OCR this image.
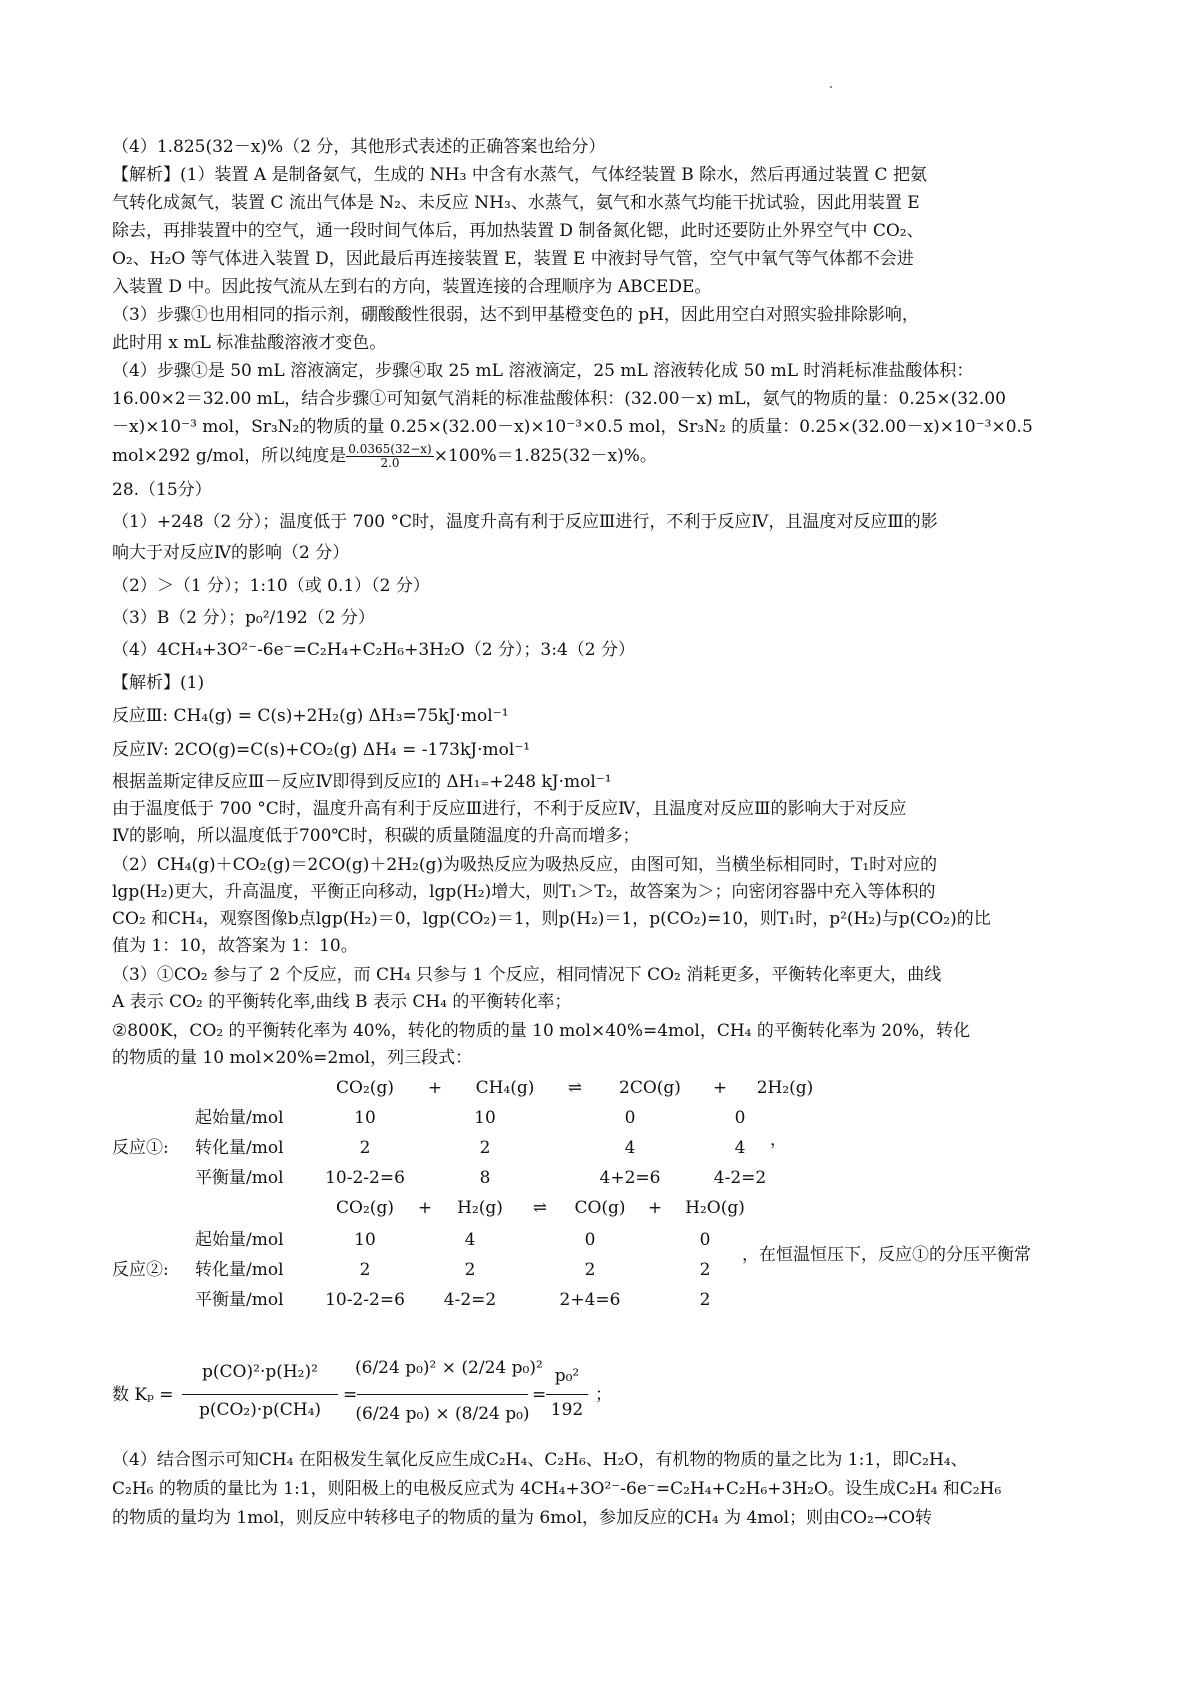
（4）1.825(32－x)%（2 分，其他形式表述的正确答案也给分）
【解析】(1）装置 A 是制备氨气，生成的 NH₃ 中含有水蒸气，气体经装置 B 除水，然后再通过装置 C 把氨
气转化成氮气，装置 C 流出气体是 N₂、未反应 NH₃、水蒸气，氨气和水蒸气均能干扰试验，因此用装置 E
除去，再排装置中的空气，通一段时间气体后，再加热装置 D 制备氮化锶，此时还要防止外界空气中 CO₂、
O₂、H₂O 等气体进入装置 D，因此最后再连接装置 E，装置 E 中液封导气管，空气中氧气等气体都不会进
入装置 D 中。因此按气流从左到右的方向，装置连接的合理顺序为 ABCEDE。
（3）步骤①也用相同的指示剂，硼酸酸性很弱，达不到甲基橙变色的 pH，因此用空白对照实验排除影响，
此时用 x mL 标准盐酸溶液才变色。
（4）步骤①是 50 mL 溶液滴定，步骤④取 25 mL 溶液滴定，25 mL 溶液转化成 50 mL 时消耗标准盐酸体积：
16.00×2＝32.00 mL，结合步骤①可知氨气消耗的标准盐酸体积：(32.00－x) mL，氨气的物质的量：0.25×(32.00
－x)×10⁻³ mol，Sr₃N₂的物质的量 0.25×(32.00－x)×10⁻³×0.5 mol，Sr₃N₂ 的质量：0.25×(32.00－x)×10⁻³×0.5
mol×292 g/mol，所以纯度是 $\frac{0.0365(32-x)}{2.0} \times 100\%=1.825(32-x)\%$。
28.（15分）
（1）+248（2 分）；温度低于 700 °C时，温度升高有利于反应Ⅲ进行，不利于反应Ⅳ，且温度对反应Ⅲ的影
响大于对反应Ⅳ的影响（2 分）
（2）＞（1 分）；1:10（或 0.1）（2 分）
（3）B（2 分）；p₀²/192（2 分）
（4）4CH₄+3O²⁻-6e⁻=C₂H₄+C₂H₆+3H₂O（2 分）；3:4（2 分）
【解析】(1)
反应Ⅲ: CH₄(g) = C(s)+2H₂(g) ΔH₃=75kJ·mol⁻¹
反应Ⅳ: 2CO(g)=C(s)+CO₂(g) ΔH₄ = -173kJ·mol⁻¹
根据盖斯定律反应Ⅲ－反应Ⅳ即得到反应Ⅰ的 ΔH₁₌+248 kJ·mol⁻¹
由于温度低于 700 °C时，温度升高有利于反应Ⅲ进行，不利于反应Ⅳ，且温度对反应Ⅲ的影响大于对反应
Ⅳ的影响，所以温度低于700℃时，积碳的质量随温度的升高而增多；
（2）CH₄(g)＋CO₂(g)＝2CO(g)＋2H₂(g)为吸热反应为吸热反应，由图可知，当横坐标相同时，T₁时对应的
lgp(H₂)更大，升高温度，平衡正向移动，lgp(H₂)增大，则T₁＞T₂，故答案为＞；向密闭容器中充入等体积的
CO₂ 和CH₄，观察图像b点lgp(H₂)＝0，lgp(CO₂)＝1，则p(H₂)＝1，p(CO₂)=10，则T₁时，p²(H₂)与p(CO₂)的比
值为 1：10，故答案为 1：10。
（3）①CO₂ 参与了 2 个反应，而 CH₄ 只参与 1 个反应，相同情况下 CO₂ 消耗更多，平衡转化率更大，曲线
A 表示 CO₂ 的平衡转化率,曲线 B 表示 CH₄ 的平衡转化率；
②800K，CO₂ 的平衡转化率为 40%，转化的物质的量 10 mol×40%=4mol，CH₄ 的平衡转化率为 20%，转化
的物质的量 10 mol×20%=2mol，列三段式：
CO₂(g)	+	CH₄(g)	⇌	2CO(g)	+	2H₂(g)
反应①:
起始量/mol	10	10	0	0
转化量/mol	2	2	4	4	，
平衡量/mol 10-2-2=6	8	4+2=6	4-2=2
CO₂(g)	+	H₂(g)	⇌	CO(g)	+	H₂O(g)
反应②:
起始量/mol	10	4	0	0
转化量/mol	2	2	2	2
，在恒温恒压下，反应①的分压平衡常
平衡量/mol 10-2-2=6	4-2=2	2+4=6	2
数 Kₚ =
p(CO)²·p(H₂)²
p(CO₂)·p(CH₄)
=
(6/24 p₀)² × (2/24 p₀)²
(6/24 p₀) × (8/24 p₀)
=
p₀²
192
；
（4）结合图示可知CH₄ 在阳极发生氧化反应生成C₂H₄、C₂H₆、H₂O，有机物的物质的量之比为 1:1，即C₂H₄、
C₂H₆ 的物质的量比为 1:1，则阳极上的电极反应式为 4CH₄+3O²⁻-6e⁻=C₂H₄+C₂H₆+3H₂O。设生成C₂H₄ 和C₂H₆
的物质的量均为 1mol，则反应中转移电子的物质的量为 6mol，参加反应的CH₄ 为 4mol；则由CO₂→CO转
